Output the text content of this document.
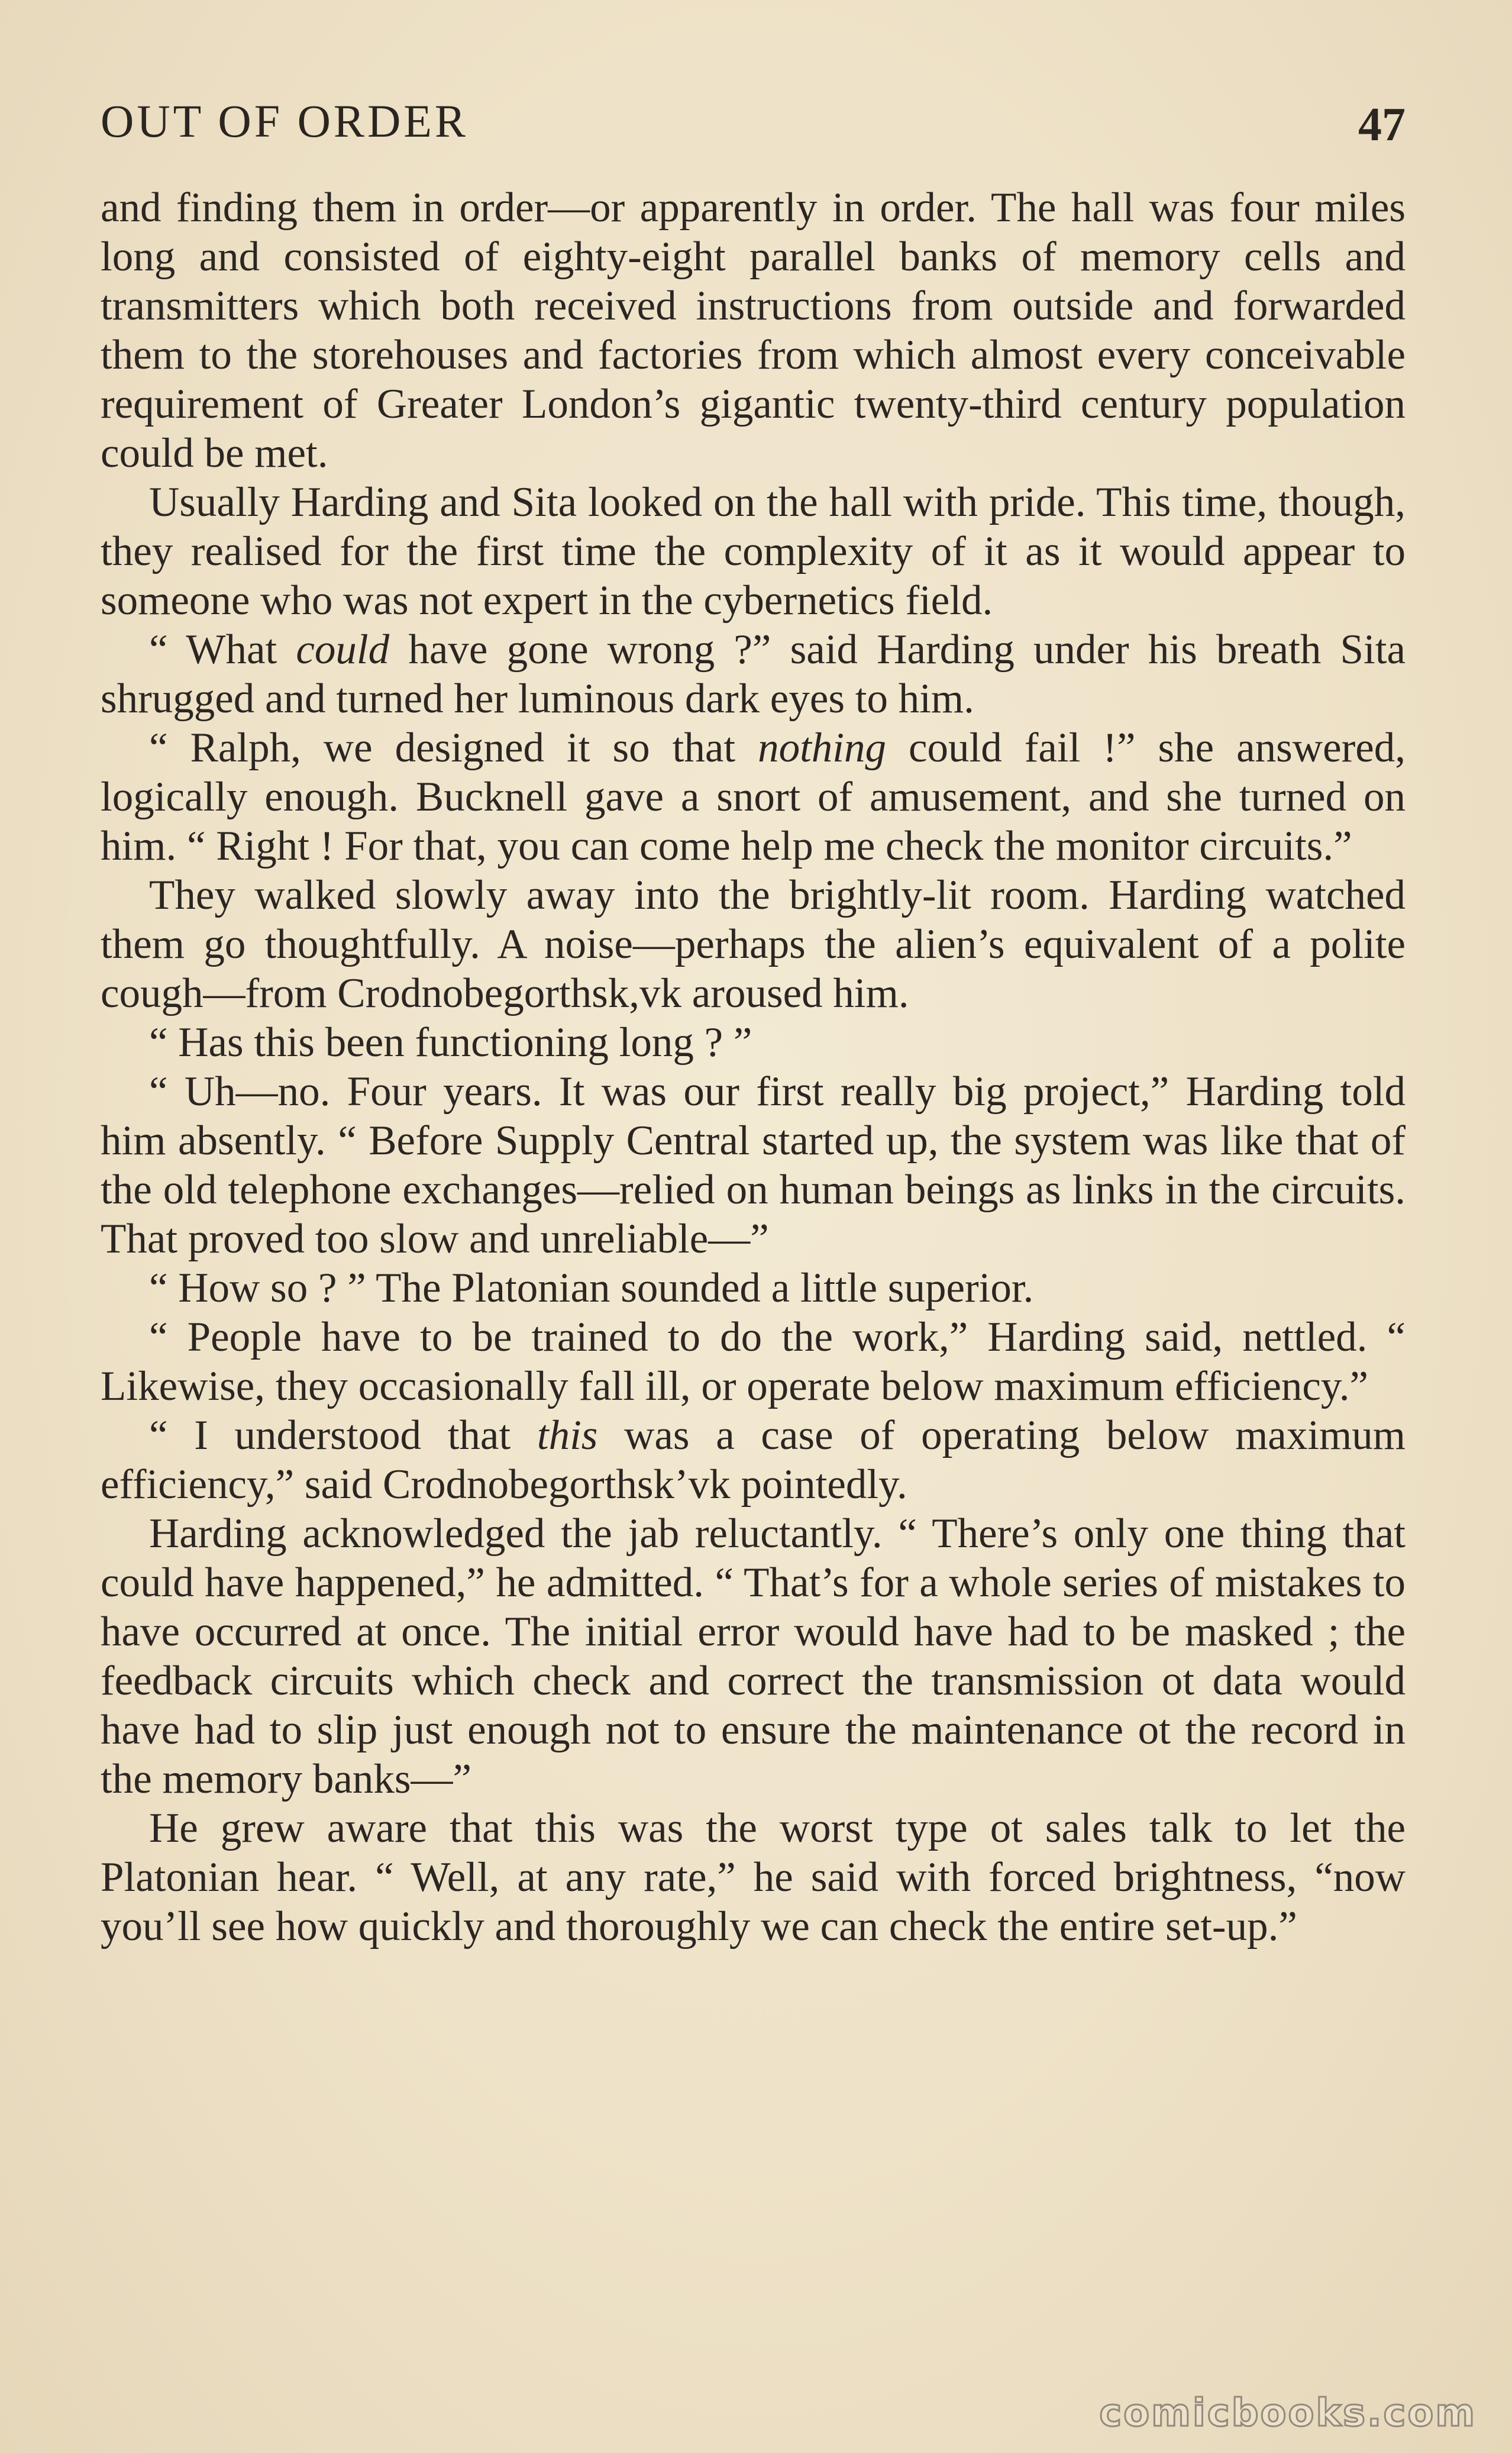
OUT OF ORDER	47

and finding them in order—or apparently in order. The hall was four miles long and consisted of eighty-eight parallel banks of memory cells and transmitters which both received instructions from outside and forwarded them to the storehouses and factories from which almost every conceivable requirement of Greater London’s gigantic twenty-third century population could be met.

Usually Harding and Sita looked on the hall with pride. This time, though, they realised for the first time the complexity of it as it would appear to someone who was not expert in the cybernetics field.

“ What could have gone wrong ?” said Harding under his breath Sita shrugged and turned her luminous dark eyes to him.

“ Ralph, we designed it so that nothing could fail !” she answered, logically enough. Bucknell gave a snort of amusement, and she turned on him. “ Right ! For that, you can come help me check the monitor circuits.”

They walked slowly away into the brightly-lit room. Harding watched them go thoughtfully. A noise—perhaps the alien’s equivalent of a polite cough—from Crodnobegorthsk,vk aroused him.

“ Has this been functioning long ? ”

“ Uh—no. Four years. It was our first really big project,” Harding told him absently. “ Before Supply Central started up, the system was like that of the old telephone exchanges—relied on human beings as links in the circuits. That proved too slow and unreliable—”

“ How so ? ” The Platonian sounded a little superior.

“ People have to be trained to do the work,” Harding said, nettled. “ Likewise, they occasionally fall ill, or operate below maximum efficiency.”

“ I understood that this was a case of operating below maximum efficiency,” said Crodnobegorthsk’vk pointedly.

Harding acknowledged the jab reluctantly. “ There’s only one thing that could have happened,” he admitted. “ That’s for a whole series of mistakes to have occurred at once. The initial error would have had to be masked ; the feedback circuits which check and correct the transmission ot data would have had to slip just enough not to ensure the maintenance ot the record in the memory banks—”

He grew aware that this was the worst type ot sales talk to let the Platonian hear. “ Well, at any rate,” he said with forced brightness, “now you’ll see how quickly and thoroughly we can check the entire set-up.”

comicbooks.com
